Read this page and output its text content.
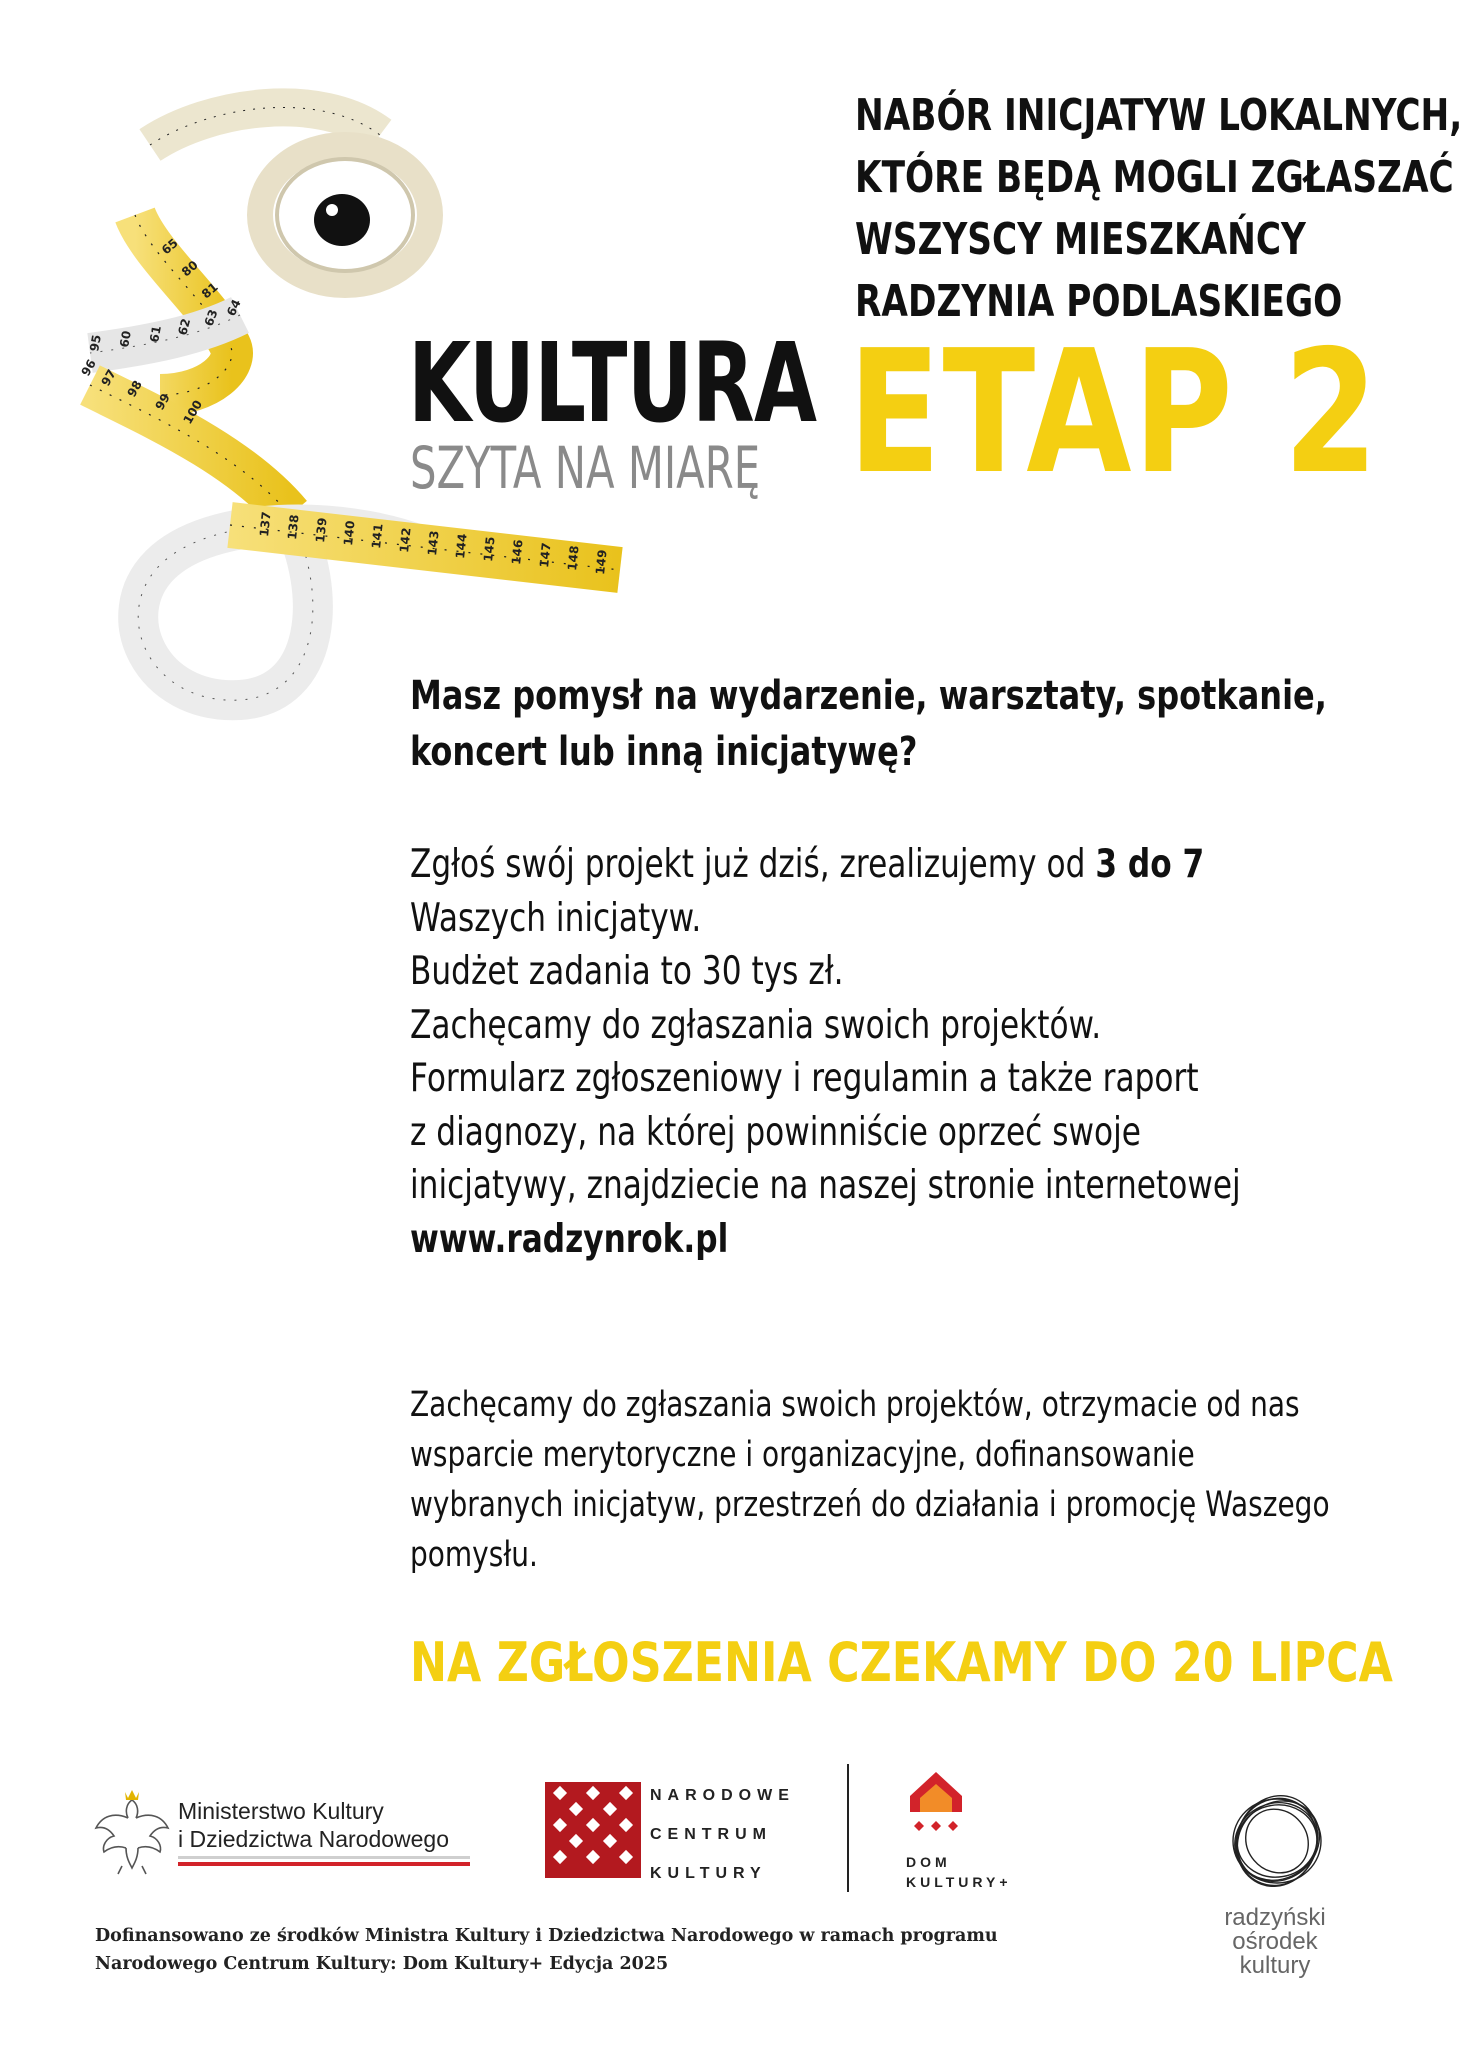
146 147 148 149
145
144
143
142
141
140
139
138
137
100
99
98
97
96
95 60 61 62 63 64
65
80
81
NABÓR INICJATYW LOKALNYCH,
KTÓRE BĘDĄ MOGLI ZGŁASZAĆ
WSZYSCY MIESZKAŃCY
RADZYNIA PODLASKIEGO
KULTURA
SZYTA NA MIARĘ ETAP 2
Masz pomysł na wydarzenie, warsztaty, spotkanie,
koncert lub inną inicjatywę?
Zgłoś swój projekt już dziś, zrealizujemy od 3 do 7
Waszych inicjatyw.
Budżet zadania to 30 tys zł.
Zachęcamy do zgłaszania swoich projektów.
Formularz zgłoszeniowy i regulamin a także raport
z diagnozy, na której powinniście oprzeć swoje
inicjatywy, znajdziecie na naszej stronie internetowej
www.radzynrok.pl
Zachęcamy do zgłaszania swoich projektów, otrzymacie od nas
wsparcie merytoryczne i organizacyjne, dofinansowanie
wybranych inicjatyw, przestrzeń do działania i promocję Waszego
pomysłu.
NA ZGŁOSZENIA CZEKAMY DO 20 LIPCA
Ministerstwo Kultury
i Dziedzictwa Narodowego
NARODOWE
CENTRUM
KULTURY
DOM
KULTURY+
radzyński
ośrodek
kultury
Dofinansowano ze środków Ministra Kultury i Dziedzictwa Narodowego w ramach programu
Narodowego Centrum Kultury: Dom Kultury+ Edycja 2025
